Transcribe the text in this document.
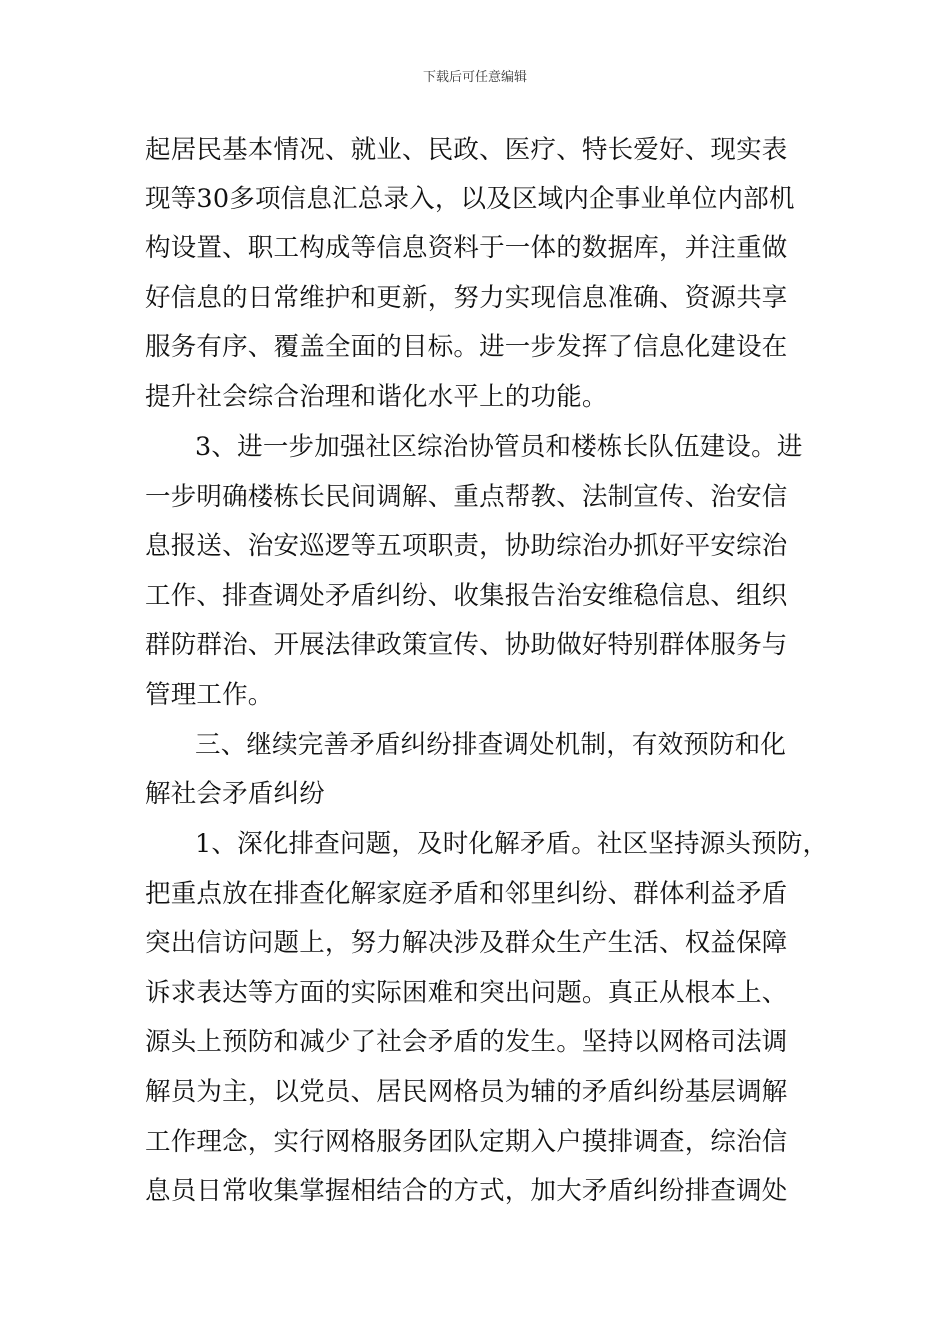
下载后可任意编辑
起居民基本情况、就业、民政、医疗、特长爱好、现实表
现等30多项信息汇总录入，以及区域内企事业单位内部机
构设置、职工构成等信息资料于一体的数据库，并注重做
好信息的日常维护和更新，努力实现信息准确、资源共享
服务有序、覆盖全面的目标。进一步发挥了信息化建设在
提升社会综合治理和谐化水平上的功能。
3、进一步加强社区综治协管员和楼栋长队伍建设。进
一步明确楼栋长民间调解、重点帮教、法制宣传、治安信
息报送、治安巡逻等五项职责，协助综治办抓好平安综治
工作、排查调处矛盾纠纷、收集报告治安维稳信息、组织
群防群治、开展法律政策宣传、协助做好特别群体服务与
管理工作。
三、继续完善矛盾纠纷排查调处机制，有效预防和化
解社会矛盾纠纷
1、深化排查问题，及时化解矛盾。社区坚持源头预防，
把重点放在排查化解家庭矛盾和邻里纠纷、群体利益矛盾
突出信访问题上，努力解决涉及群众生产生活、权益保障
诉求表达等方面的实际困难和突出问题。真正从根本上、
源头上预防和减少了社会矛盾的发生。坚持以网格司法调
解员为主，以党员、居民网格员为辅的矛盾纠纷基层调解
工作理念，实行网格服务团队定期入户摸排调查，综治信
息员日常收集掌握相结合的方式，加大矛盾纠纷排查调处
